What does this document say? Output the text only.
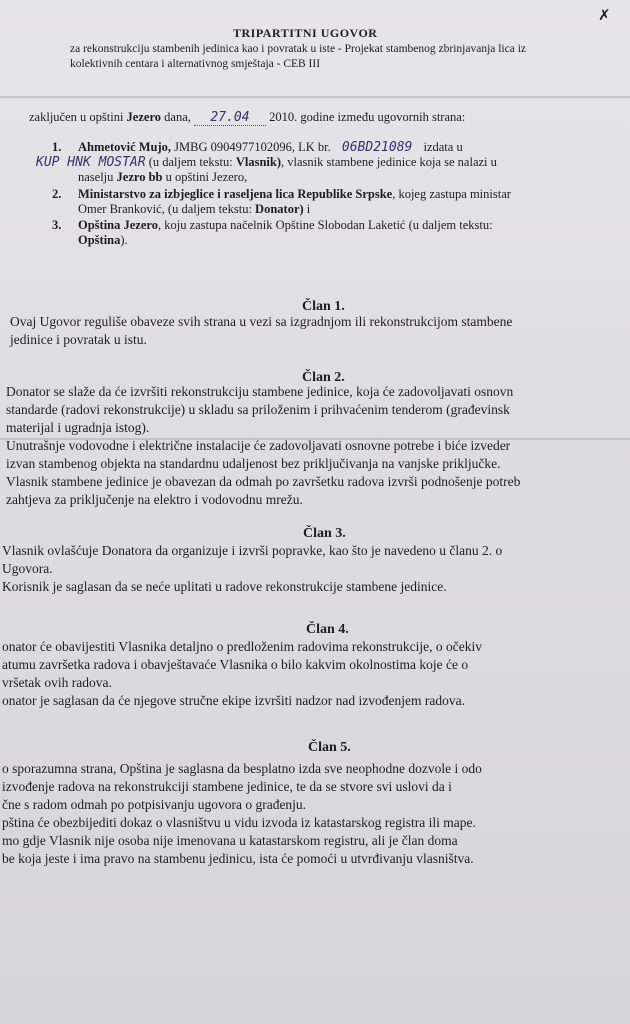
✗
TRIPARTITNI UGOVOR
za rekonstrukciju stambenih jedinica kao i povratak u iste - Projekat stambenog zbrinjavanja lica iz kolektivnih centara i alternativnog smještaja - CEB III
zaključen u opštini Jezero dana, 27.04 2010. godine između ugovornih strana:
1. Ahmetović Mujo, JMBG 0904977102096, LK br. 06BD21089 izdata u
KUP HNK MOSTAR (u daljem tekstu: Vlasnik), vlasnik stambene jedinice koja se nalazi u
naselju Jezro bb u opštini Jezero,
2. Ministarstvo za izbjeglice i raseljena lica Republike Srpske, kojeg zastupa ministar
Omer Branković, (u daljem tekstu: Donator) i
3. Opština Jezero, koju zastupa načelnik Opštine Slobodan Laketić (u daljem tekstu:
Opština).
Član 1.

Ovaj Ugovor reguliše obaveze svih strana u vezi sa izgradnjom ili rekonstrukcijom stambene

jedinice i povratak u istu.

Član 2.

Donator se slaže da će izvršiti rekonstrukciju stambene jedinice, koja će zadovoljavati osnovn

standarde (radovi rekonstrukcije) u skladu sa priloženim i prihvaćenim tenderom (građevinsk

materijal i ugradnja istog).

Unutrašnje vodovodne i električne instalacije će zadovoljavati osnovne potrebe i biće izveder

izvan stambenog objekta na standardnu udaljenost bez priključivanja na vanjske priključke.

Vlasnik stambene jedinice je obavezan da odmah po završetku radova izvrši podnošenje potreb

zahtjeva za priključenje na elektro i vodovodnu mrežu.

Član 3.

Vlasnik ovlašćuje Donatora da organizuje i izvrši popravke, kao što je navedeno u članu 2. o

Ugovora.

Korisnik je saglasan da se neće uplitati u radove rekonstrukcije stambene jedinice.

Član 4.

onator će obavijestiti Vlasnika detaljno o predloženim radovima rekonstrukcije, o očekiv

atumu završetka radova i obavještavaće Vlasnika o bilo kakvim okolnostima koje će o

vršetak ovih radova.

onator je saglasan da će njegove stručne ekipe izvršiti nadzor nad izvođenjem radova.

Član 5.

o sporazumna strana, Opština je saglasna da besplatno izda sve neophodne dozvole i odo

izvođenje radova na rekonstrukciji stambene jedinice, te da se stvore svi uslovi da i

čne s radom odmah po potpisivanju ugovora o građenju.

pština će obezbijediti dokaz o vlasništvu u vidu izvoda iz katastarskog registra ili mape.

mo gdje Vlasnik nije osoba nije imenovana u katastarskom registru, ali je član doma

be koja jeste i ima pravo na stambenu jedinicu, ista će pomoći u utvrđivanju vlasništva.
